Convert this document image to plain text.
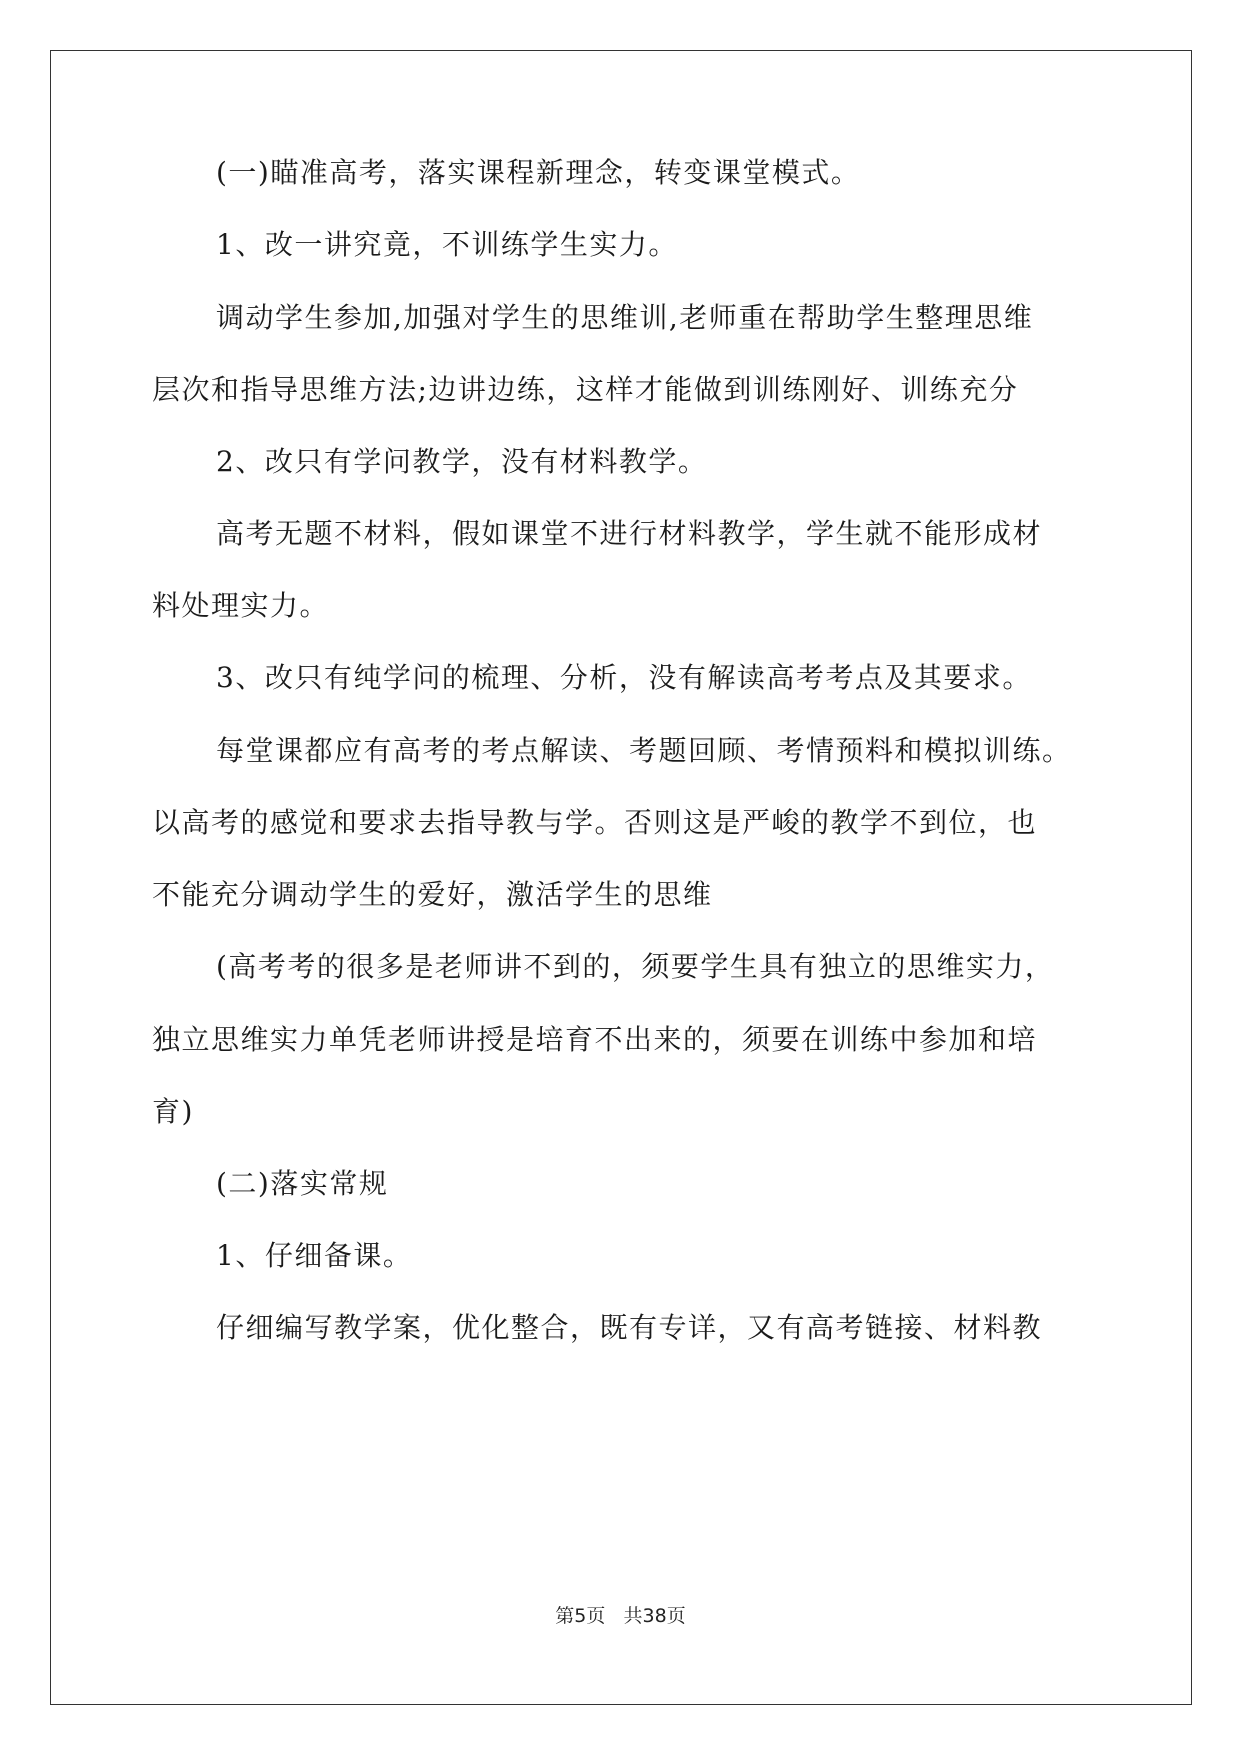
(一)瞄准高考，落实课程新理念，转变课堂模式。
1、改一讲究竟，不训练学生实力。
调动学生参加,加强对学生的思维训,老师重在帮助学生整理思维
层次和指导思维方法;边讲边练，这样才能做到训练刚好、训练充分
2、改只有学问教学，没有材料教学。
高考无题不材料，假如课堂不进行材料教学，学生就不能形成材
料处理实力。
3、改只有纯学问的梳理、分析，没有解读高考考点及其要求。
每堂课都应有高考的考点解读、考题回顾、考情预料和模拟训练。
以高考的感觉和要求去指导教与学。否则这是严峻的教学不到位，也
不能充分调动学生的爱好，激活学生的思维
(高考考的很多是老师讲不到的，须要学生具有独立的思维实力，
独立思维实力单凭老师讲授是培育不出来的，须要在训练中参加和培
育)
(二)落实常规
1、仔细备课。
仔细编写教学案，优化整合，既有专详，又有高考链接、材料教
第5页 共38页
